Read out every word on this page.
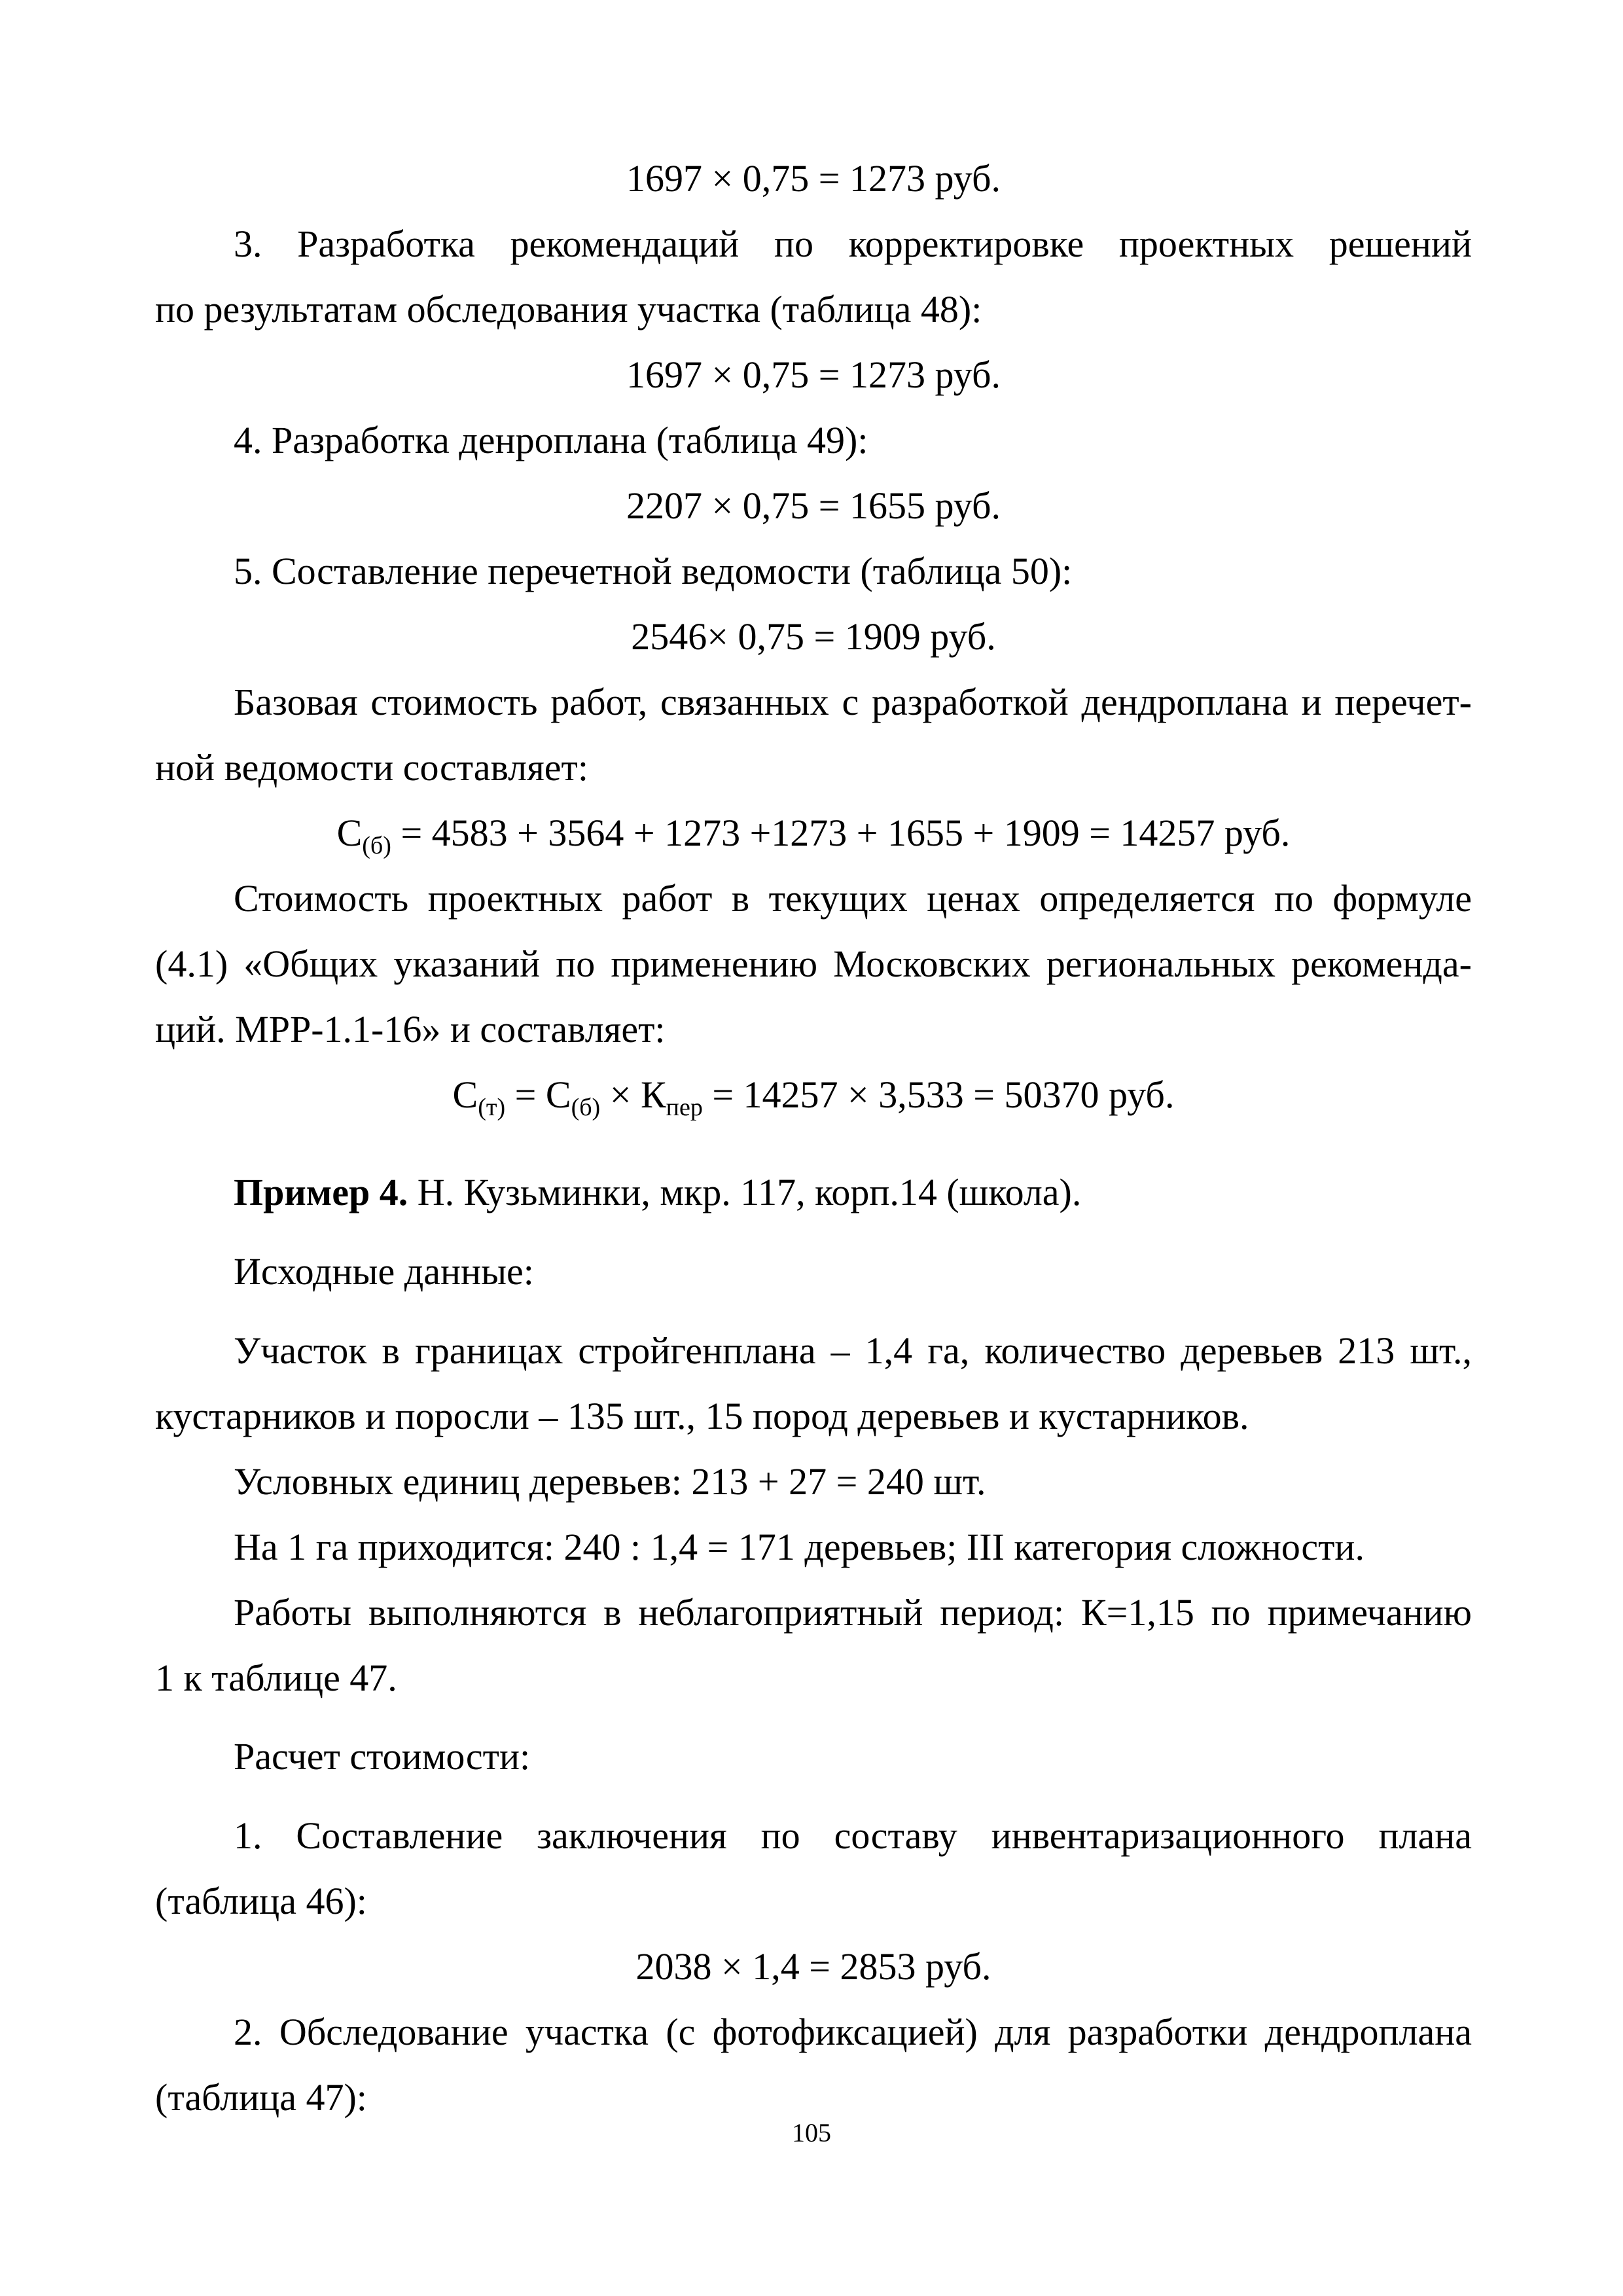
1697 × 0,75 = 1273 руб.
3. Разработка рекомендаций по корректировке проектных решений
по результатам обследования участка (таблица 48):
1697 × 0,75 = 1273 руб.
4. Разработка денроплана (таблица 49):
2207 × 0,75 = 1655 руб.
5. Составление перечетной ведомости (таблица 50):
2546× 0,75 = 1909 руб.
Базовая стоимость работ, связанных с разработкой дендроплана и перечет-
ной ведомости составляет:
$С_{(б)} = 4583 + 3564 + 1273 +1273 + 1655 + 1909 = 14257$ руб.
Стоимость проектных работ в текущих ценах определяется по формуле
(4.1) «Общих указаний по применению Московских региональных рекоменда-
ций. МРР-1.1-16» и составляет:
$С_{(т)} = С_{(б)} \times К_{пер} = 14257 \times 3,533 = 50370$ руб.
Пример 4. Н. Кузьминки, мкр. 117, корп.14 (школа).
Исходные данные:
Участок в границах стройгенплана – 1,4 га, количество деревьев 213 шт.,
кустарников и поросли – 135 шт., 15 пород деревьев и кустарников.
Условных единиц деревьев: 213 + 27 = 240 шт.
На 1 га приходится: 240 : 1,4 = 171 деревьев; III категория сложности.
Работы выполняются в неблагоприятный период: К=1,15 по примечанию
1 к таблице 47.
Расчет стоимости:
1. Составление заключения по составу инвентаризационного плана
(таблица 46):
2038 × 1,4 = 2853 руб.
2. Обследование участка (с фотофиксацией) для разработки дендроплана
(таблица 47):
105
